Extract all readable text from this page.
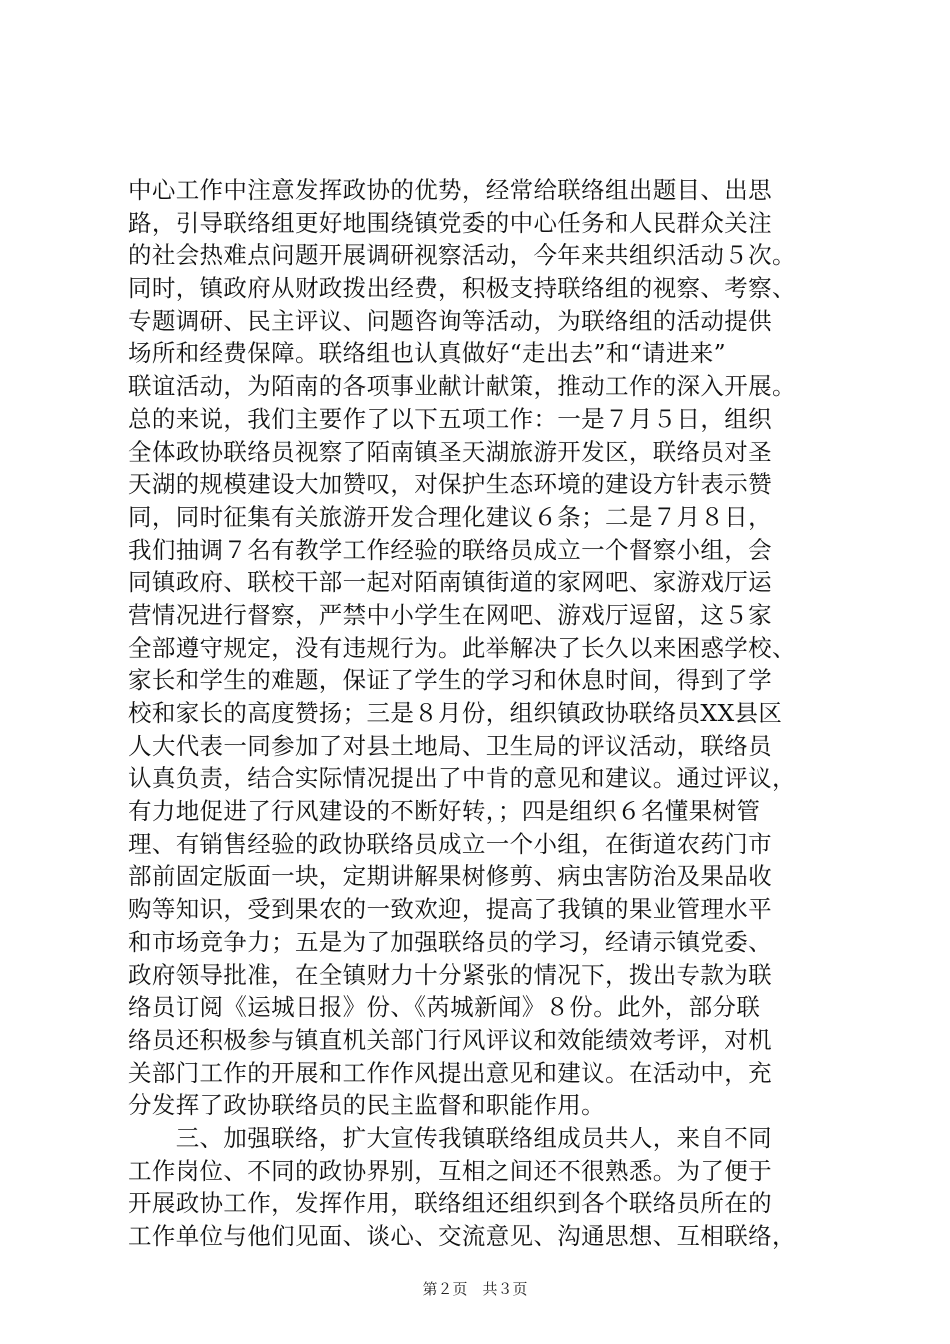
中心工作中注意发挥政协的优势，经常给联络组出题目、出思
路，引导联络组更好地围绕镇党委的中心任务和人民群众关注
的社会热难点问题开展调研视察活动，今年来共组织活动５次。
同时，镇政府从财政拨出经费，积极支持联络组的视察、考察、
专题调研、民主评议、问题咨询等活动，为联络组的活动提供
场所和经费保障。联络组也认真做好“走出去”和“请进来”
联谊活动，为陌南的各项事业献计献策，推动工作的深入开展。
总的来说，我们主要作了以下五项工作：一是７月５日，组织
全体政协联络员视察了陌南镇圣天湖旅游开发区，联络员对圣
天湖的规模建设大加赞叹，对保护生态环境的建设方针表示赞
同，同时征集有关旅游开发合理化建议６条；二是７月８日，
我们抽调７名有教学工作经验的联络员成立一个督察小组，会
同镇政府、联校干部一起对陌南镇街道的家网吧、家游戏厅运
营情况进行督察，严禁中小学生在网吧、游戏厅逗留，这５家
全部遵守规定，没有违规行为。此举解决了长久以来困惑学校、
家长和学生的难题，保证了学生的学习和休息时间，得到了学
校和家长的高度赞扬；三是８月份，组织镇政协联络员XX县区
人大代表一同参加了对县土地局、卫生局的评议活动，联络员
认真负责，结合实际情况提出了中肯的意见和建议。通过评议，
有力地促进了行风建设的不断好转，；四是组织６名懂果树管
理、有销售经验的政协联络员成立一个小组，在街道农药门市
部前固定版面一块，定期讲解果树修剪、病虫害防治及果品收
购等知识，受到果农的一致欢迎，提高了我镇的果业管理水平
和市场竞争力；五是为了加强联络员的学习，经请示镇党委、
政府领导批准，在全镇财力十分紧张的情况下，拨出专款为联
络员订阅《运城日报》份、《芮城新闻》８份。此外，部分联
络员还积极参与镇直机关部门行风评议和效能绩效考评，对机
关部门工作的开展和工作作风提出意见和建议。在活动中，充
分发挥了政协联络员的民主监督和职能作用。
　　三、加强联络，扩大宣传我镇联络组成员共人，来自不同
工作岗位、不同的政协界别，互相之间还不很熟悉。为了便于
开展政协工作，发挥作用，联络组还组织到各个联络员所在的
工作单位与他们见面、谈心、交流意见、沟通思想、互相联络，
第２页　共３页
